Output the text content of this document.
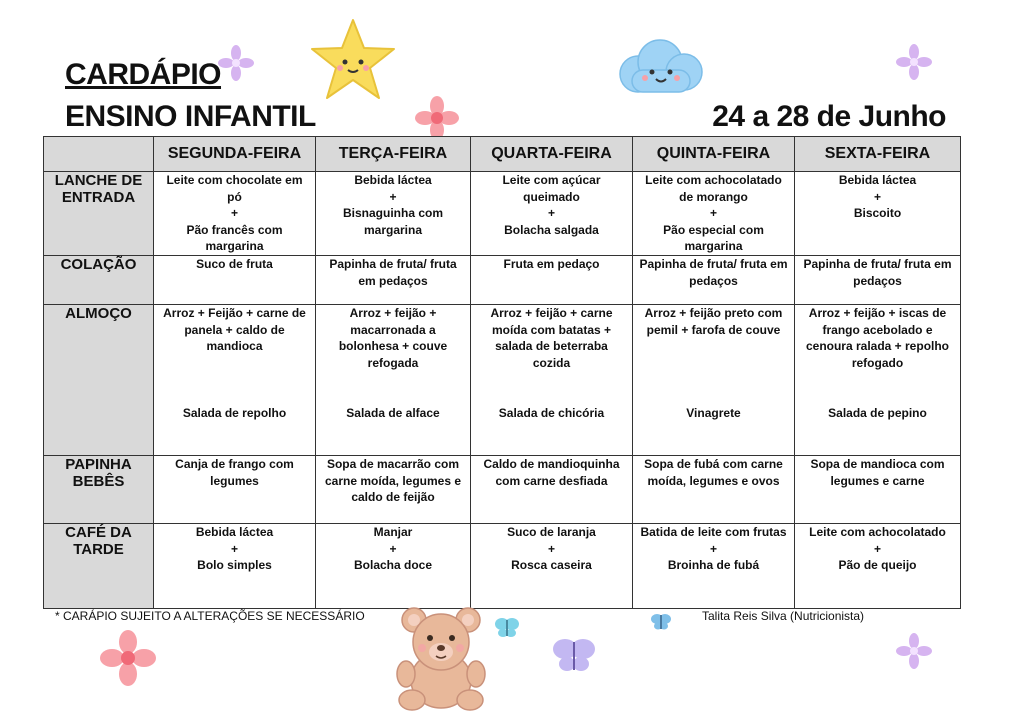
CARDÁPIO
ENSINO INFANTIL	24 a 28 de Junho
	SEGUNDA-FEIRA	TERÇA-FEIRA	QUARTA-FEIRA	QUINTA-FEIRA	SEXTA-FEIRA

LANCHE DE
ENTRADA	Leite com chocolate em
pó
+
Pão francês com
margarina	Bebida láctea
+
Bisnaguinha com
margarina	Leite com açúcar
queimado
+
Bolacha salgada	Leite com achocolatado
de morango
+
Pão especial com
margarina	Bebida láctea
+
Biscoito

COLAÇÃO	Suco de fruta	Papinha de fruta/ fruta
em pedaços	Fruta em pedaço	Papinha de fruta/ fruta em
pedaços	Papinha de fruta/ fruta em
pedaços

ALMOÇO	Arroz + Feijão + carne de
panela + caldo de
mandioca
Salada de repolho	Arroz + feijão +
macarronada a
bolonhesa + couve
refogada
Salada de alface	Arroz + feijão + carne
moída com batatas +
salada de beterraba
cozida
Salada de chicória	Arroz + feijão preto com
pemil + farofa de couve
Vinagrete	Arroz + feijão + iscas de
frango acebolado e
cenoura ralada + repolho
refogado
Salada de pepino

PAPINHA
BEBÊS	Canja de frango com
legumes	Sopa de macarrão com
carne moída, legumes e
caldo de feijão	Caldo de mandioquinha
com carne desfiada	Sopa de fubá com carne
moída, legumes e ovos	Sopa de mandioca com
legumes e carne

CAFÉ DA
TARDE	Bebida láctea
+
Bolo simples	Manjar
+
Bolacha doce	Suco de laranja
+
Rosca caseira	Batida de leite com frutas
+
Broinha de fubá	Leite com achocolatado
+
Pão de queijo
* CARÁPIO SUJEITO A ALTERAÇÕES SE NECESSÁRIO	Talita Reis Silva (Nutricionista)
